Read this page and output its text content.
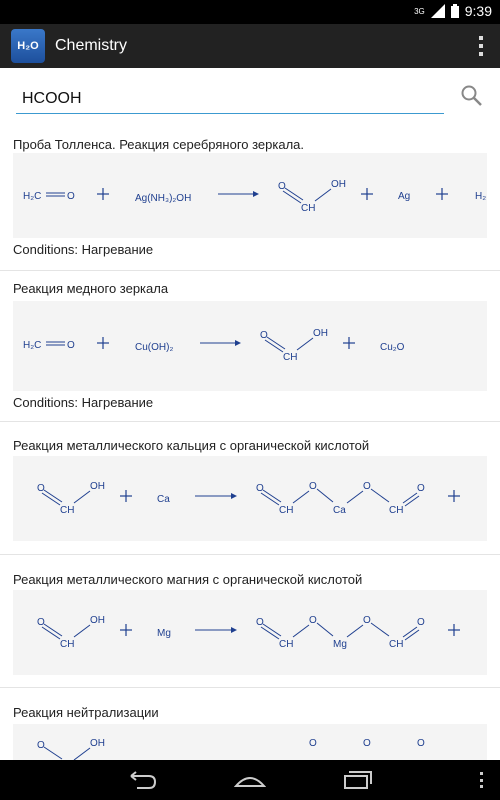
3G	9:39
H₂O Chemistry
HCOOH
Проба Толленса. Реакция серебряного зеркала.
H₂C	O	Ag(NH₃)₂OH
O
CH
OH
Ag	H₂
Conditions: Нагревание
Реакция медного зеркала
H₂C	O	Cu(OH)₂
O
CH
OH
Cu₂O
Conditions: Нагревание
Реакция металлического кальция с органической кислотой
O
CH
OH
Ca
O
CH
O
Ca
O
CH
O
Реакция металлического магния с органической кислотой
O
CH
OH
Mg
O
CH
O
Mg
O
CH
O
Реакция нейтрализации
O	OH	O	O	O
